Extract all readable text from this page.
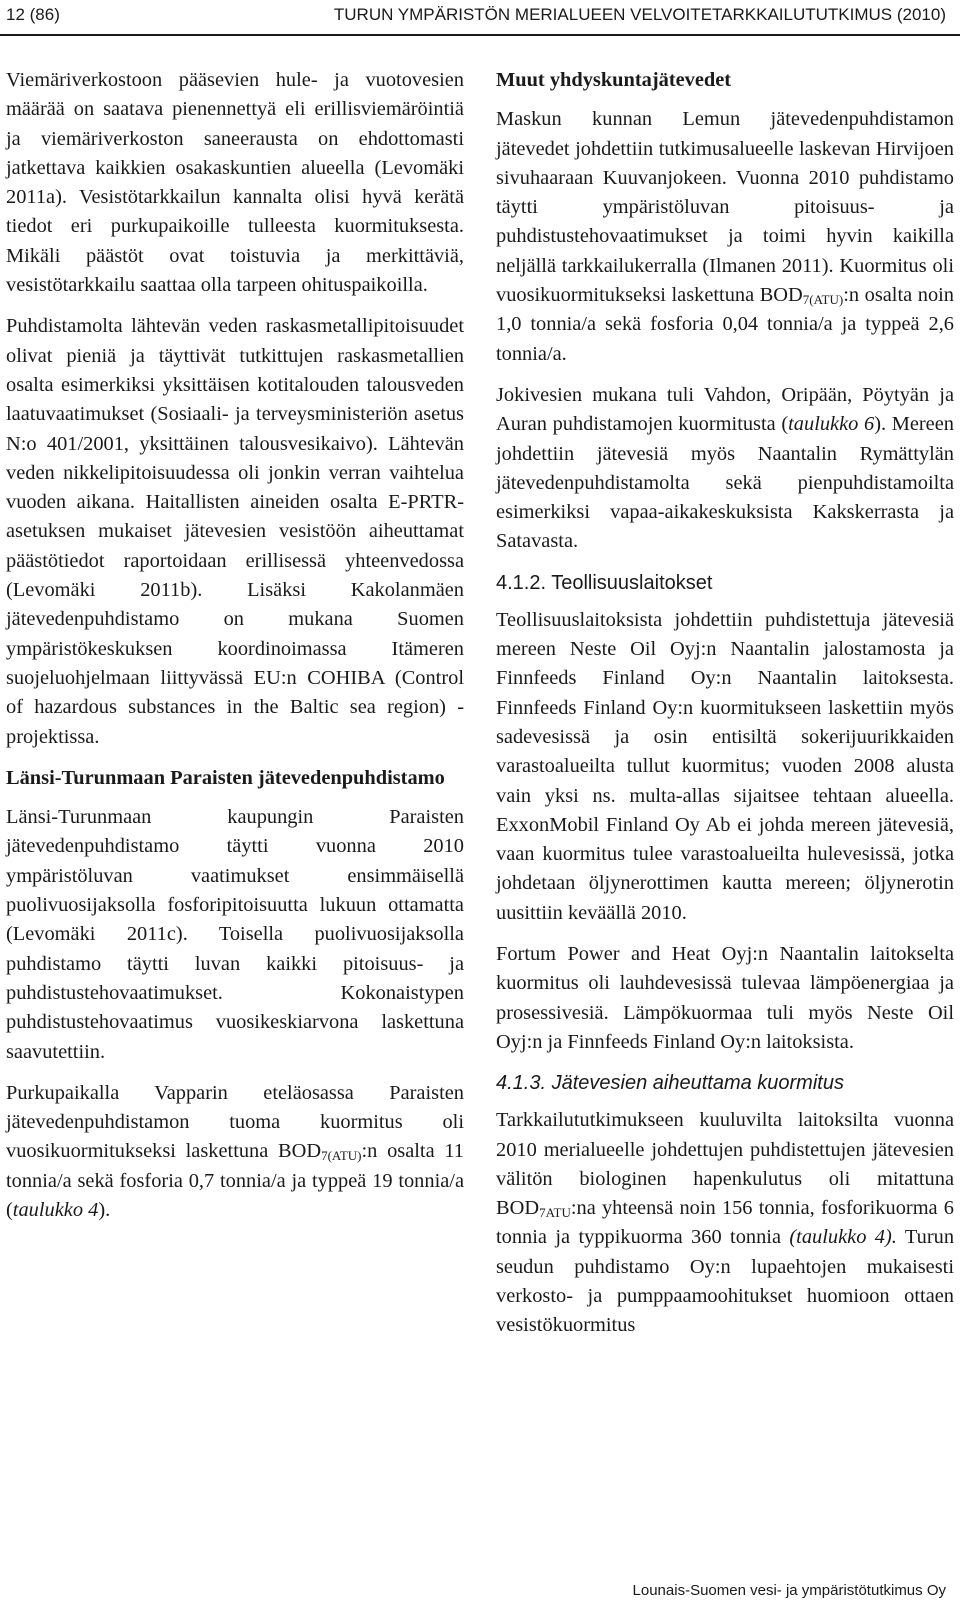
12 (86)	TURUN YMPÄRISTÖN MERIALUEEN VELVOITETARKKAILUTUTKIMUS (2010)

Viemäriverkostoon pääsevien hule- ja vuotovesien määrää on saatava pienennettyä eli erillisviemäröintiä ja viemäriverkoston saneerausta on ehdottomasti jatkettava kaikkien osakaskuntien alueella (Levomäki 2011a). Vesistötarkkailun kannalta olisi hyvä kerätä tiedot eri purkupaikoille tulleesta kuormituksesta. Mikäli päästöt ovat toistuvia ja merkittäviä, vesistötarkkailu saattaa olla tarpeen ohituspaikoilla.

Puhdistamolta lähtevän veden raskasmetallipitoisuudet olivat pieniä ja täyttivät tutkittujen raskasmetallien osalta esimerkiksi yksittäisen kotitalouden talousveden laatuvaatimukset (Sosiaali- ja terveysministeriön asetus N:o 401/2001, yksittäinen talousvesikaivo). Lähtevän veden nikkelipitoisuudessa oli jonkin verran vaihtelua vuoden aikana. Haitallisten aineiden osalta E-PRTR-asetuksen mukaiset jätevesien vesistöön aiheuttamat päästötiedot raportoidaan erillisessä yhteenvedossa (Levomäki 2011b). Lisäksi Kakolanmäen jätevedenpuhdistamo on mukana Suomen ympäristökeskuksen koordinoimassa Itämeren suojeluohjelmaan liittyvässä EU:n COHIBA (Control of hazardous substances in the Baltic sea region) -projektissa.

Länsi-Turunmaan Paraisten jätevedenpuhdistamo

Länsi-Turunmaan kaupungin Paraisten jätevedenpuhdistamo täytti vuonna 2010 ympäristöluvan vaatimukset ensimmäisellä puolivuosijaksolla fosforipitoisuutta lukuun ottamatta (Levomäki 2011c). Toisella puolivuosijaksolla puhdistamo täytti luvan kaikki pitoisuus- ja puhdistustehovaatimukset. Kokonaistypen puhdistustehovaatimus vuosikeskiarvona laskettuna saavutettiin.

Purkupaikalla Vapparin eteläosassa Paraisten jätevedenpuhdistamon tuoma kuormitus oli vuosikuormitukseksi laskettuna $BOD_{7(ATU)}:n$ osalta 11 tonnia/a sekä fosforia 0,7 tonnia/a ja typpeä 19 tonnia/a (taulukko 4).

Muut yhdyskuntajätevedet

Maskun kunnan Lemun jätevedenpuhdistamon jätevedet johdettiin tutkimusalueelle laskevan Hirvijoen sivuhaaraan Kuuvanjokeen. Vuonna 2010 puhdistamo täytti ympäristöluvan pitoisuus- ja puhdistustehovaatimukset ja toimi hyvin kaikilla neljällä tarkkailukerralla (Ilmanen 2011). Kuormitus oli vuosikuormitukseksi laskettuna $BOD_{7(ATU)}:n$ osalta noin 1,0 tonnia/a sekä fosforia 0,04 tonnia/a ja typpeä 2,6 tonnia/a.

Jokivesien mukana tuli Vahdon, Oripään, Pöytyän ja Auran puhdistamojen kuormitusta (taulukko 6). Mereen johdettiin jätevesiä myös Naantalin Rymättylän jätevedenpuhdistamolta sekä pienpuhdistamoilta esimerkiksi vapaa-aikakeskuksista Kakskerrasta ja Satavasta.

4.1.2. Teollisuuslaitokset

Teollisuuslaitoksista johdettiin puhdistettuja jätevesiä mereen Neste Oil Oyj:n Naantalin jalostamosta ja Finnfeeds Finland Oy:n Naantalin laitoksesta. Finnfeeds Finland Oy:n kuormitukseen laskettiin myös sadevesissä ja osin entisiltä sokerijuurikkaiden varastoalueilta tullut kuormitus; vuoden 2008 alusta vain yksi ns. multa-allas sijaitsee tehtaan alueella. ExxonMobil Finland Oy Ab ei johda mereen jätevesiä, vaan kuormitus tulee varastoalueilta hulevesissä, jotka johdetaan öljynerottimen kautta mereen; öljynerotin uusittiin keväällä 2010.

Fortum Power and Heat Oyj:n Naantalin laitokselta kuormitus oli lauhdevesissä tulevaa lämpöenergiaa ja prosessivesiä. Lämpökuormaa tuli myös Neste Oil Oyj:n ja Finnfeeds Finland Oy:n laitoksista.

4.1.3. Jätevesien aiheuttama kuormitus

Tarkkailututkimukseen kuuluvilta laitoksilta vuonna 2010 merialueelle johdettujen puhdistettujen jätevesien välitön biologinen hapenkulutus oli mitattuna $BOD_{7ATU}:na$ yhteensä noin 156 tonnia, fosforikuorma 6 tonnia ja typpikuorma 360 tonnia (taulukko 4). Turun seudun puhdistamo Oy:n lupaehtojen mukaisesti verkosto- ja pumppaamoohitukset huomioon ottaen vesistökuormitus

Lounais-Suomen vesi- ja ympäristötutkimus Oy
